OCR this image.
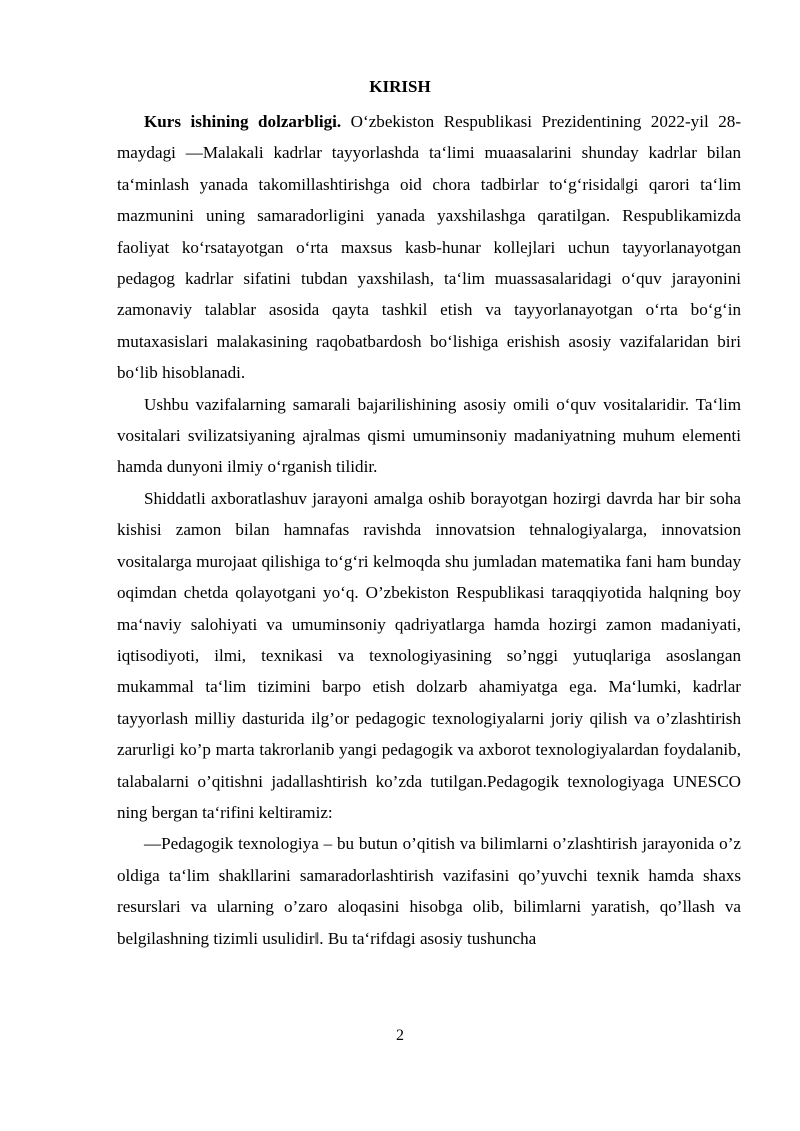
KIRISH

Kurs ishining dolzarbligi. O‘zbekiston Respublikasi Prezidentining 2022-yil 28-maydagi ―Malakali kadrlar tayyorlashda ta‘limi muaasalarini shunday kadrlar bilan ta‘minlash yanada takomillashtirishga oid chora tadbirlar to‘g‘risida‖gi qarori ta‘lim mazmunini uning samaradorligini yanada yaxshilashga qaratilgan. Respublikamizda faoliyat ko‘rsatayotgan o‘rta maxsus kasb-hunar kollejlari uchun tayyorlanayotgan pedagog kadrlar sifatini tubdan yaxshilash, ta‘lim muassasalaridagi o‘quv jarayonini zamonaviy talablar asosida qayta tashkil etish va tayyorlanayotgan o‘rta bo‘g‘in mutaxasislari malakasining raqobatbardosh bo‘lishiga erishish asosiy vazifalaridan biri bo‘lib hisoblanadi.

Ushbu vazifalarning samarali bajarilishining asosiy omili o‘quv vositalaridir. Ta‘lim vositalari svilizatsiyaning ajralmas qismi umuminsoniy madaniyatning muhum elementi hamda dunyoni ilmiy o‘rganish tilidir.

Shiddatli axboratlashuv jarayoni amalga oshib borayotgan hozirgi davrda har bir soha kishisi zamon bilan hamnafas ravishda innovatsion tehnalogiyalarga, innovatsion vositalarga murojaat qilishiga to‘g‘ri kelmoqda shu jumladan matematika fani ham bunday oqimdan chetda qolayotgani yo‘q. O’zbekiston Respublikasi taraqqiyotida halqning boy ma‘naviy salohiyati va umuminsoniy qadriyatlarga hamda hozirgi zamon madaniyati, iqtisodiyoti, ilmi, texnikasi va texnologiyasining so’nggi yutuqlariga asoslangan mukammal ta‘lim tizimini barpo etish dolzarb ahamiyatga ega. Ma‘lumki, kadrlar tayyorlash milliy dasturida ilg’or pedagogic texnologiyalarni joriy qilish va o’zlashtirish zarurligi ko’p marta takrorlanib yangi pedagogik va axborot texnologiyalardan foydalanib, talabalarni o’qitishni jadallashtirish ko’zda tutilgan.Pedagogik texnologiyaga UNESCO ning bergan ta‘rifini keltiramiz:

―Pedagogik texnologiya – bu butun o’qitish va bilimlarni o’zlashtirish jarayonida o’z oldiga ta‘lim shakllarini samaradorlashtirish vazifasini qo’yuvchi texnik hamda shaxs resurslari va ularning o’zaro aloqasini hisobga olib, bilimlarni yaratish, qo’llash va belgilashning tizimli usulidir‖. Bu ta‘rifdagi asosiy tushuncha

2
